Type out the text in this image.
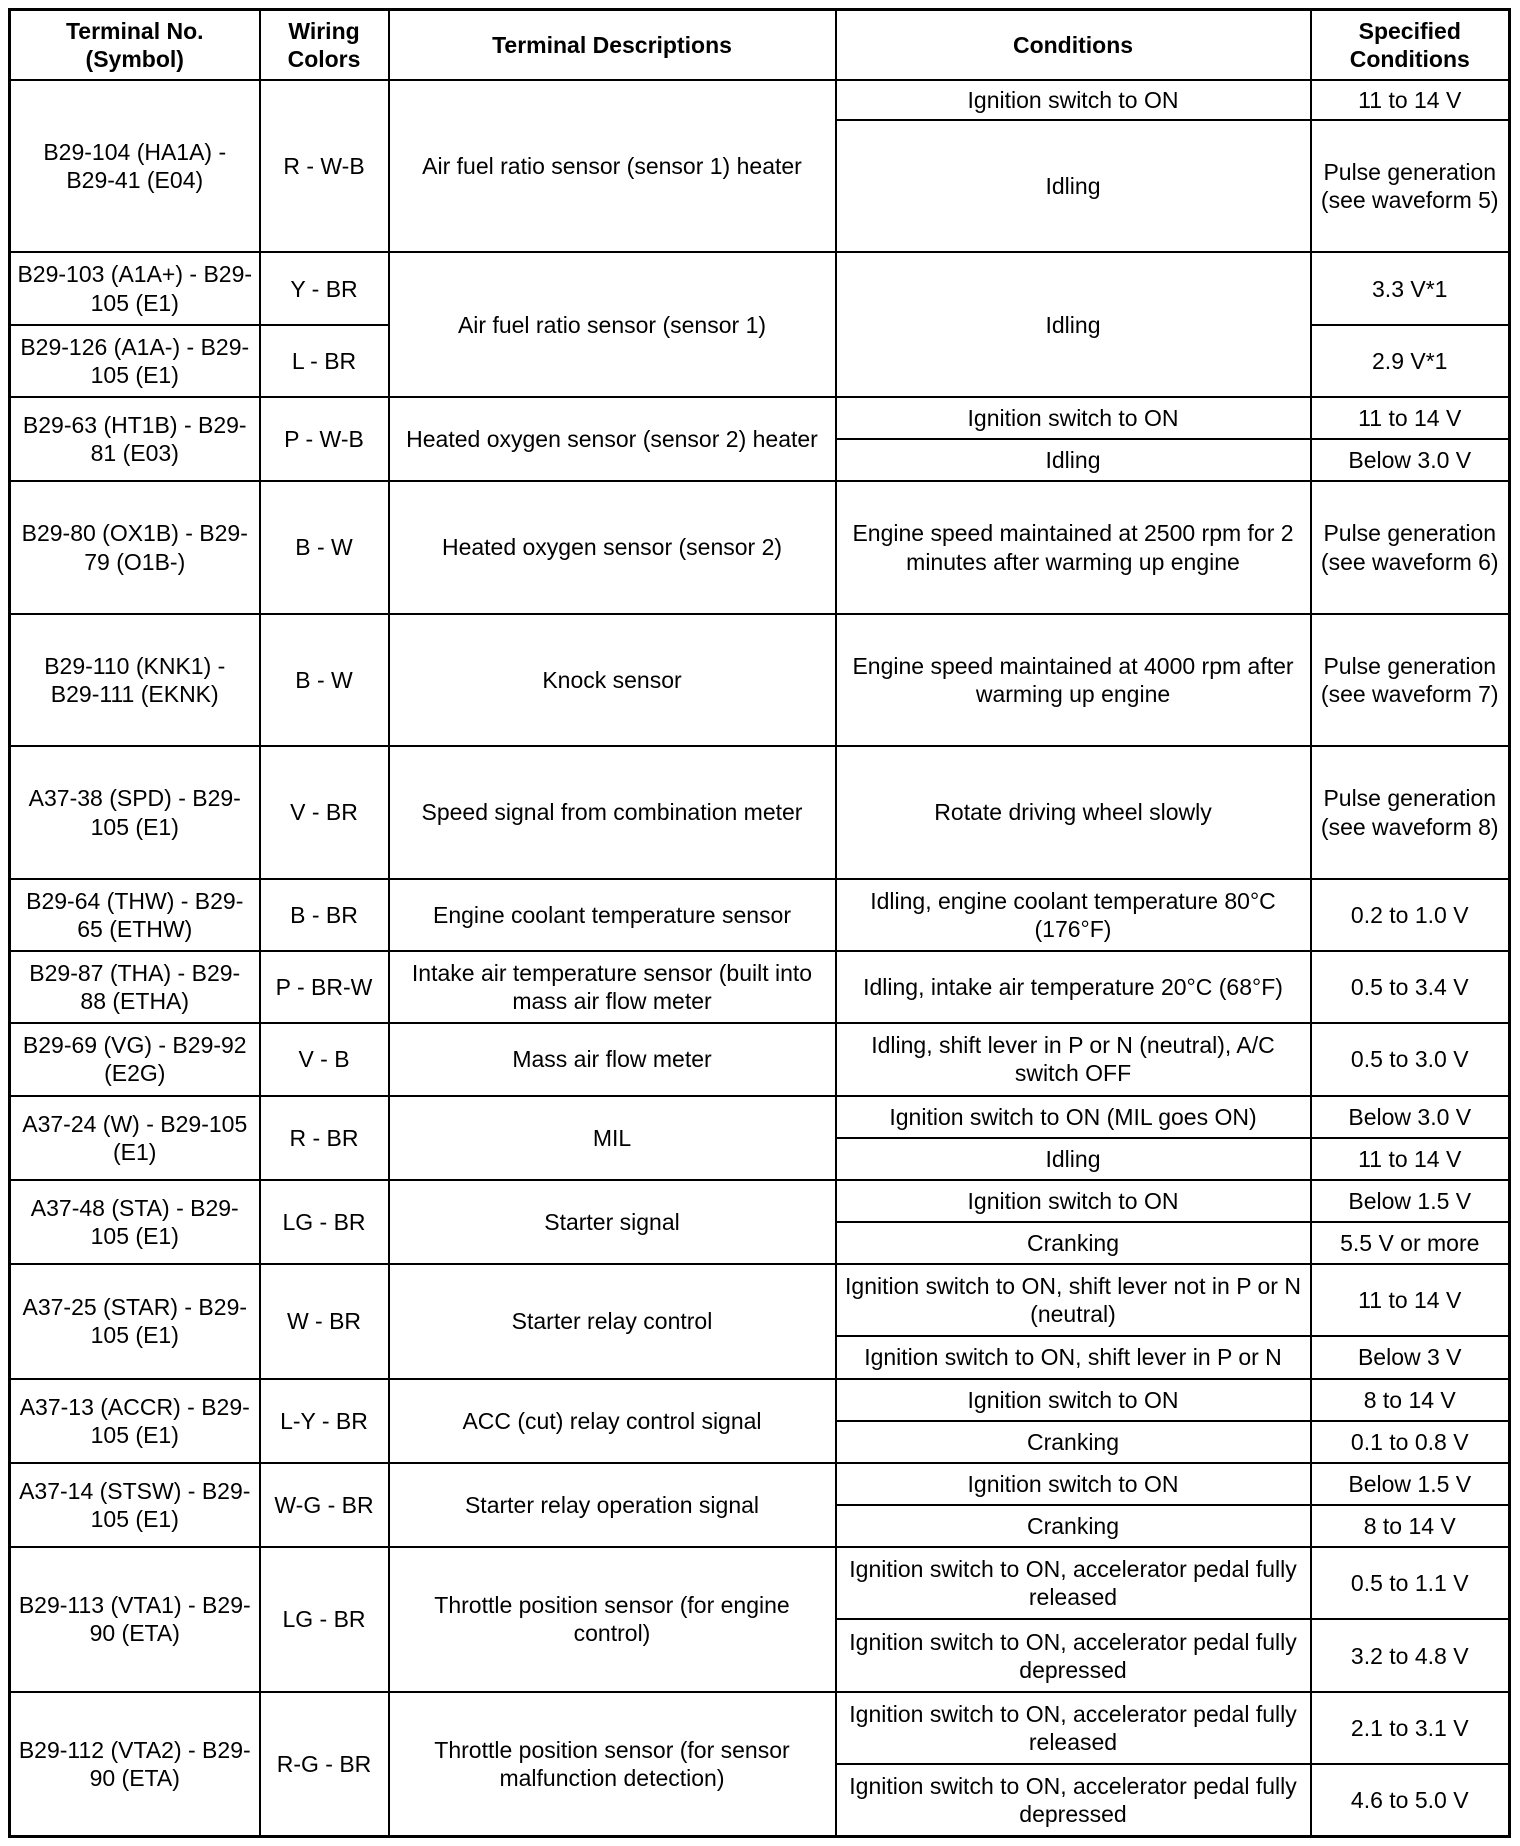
Terminal No. (Symbol)	Wiring Colors	Terminal Descriptions	Conditions	Specified Conditions
B29-104 (HA1A) - B29-41 (E04)	R - W-B	Air fuel ratio sensor (sensor 1) heater	Ignition switch to ON	11 to 14 V
			Idling	Pulse generation (see waveform 5)
B29-103 (A1A+) - B29-105 (E1)	Y - BR	Air fuel ratio sensor (sensor 1)	Idling	3.3 V*1
B29-126 (A1A-) - B29-105 (E1)	L - BR			2.9 V*1
B29-63 (HT1B) - B29-81 (E03)	P - W-B	Heated oxygen sensor (sensor 2) heater	Ignition switch to ON	11 to 14 V
			Idling	Below 3.0 V
B29-80 (OX1B) - B29-79 (O1B-)	B - W	Heated oxygen sensor (sensor 2)	Engine speed maintained at 2500 rpm for 2 minutes after warming up engine	Pulse generation (see waveform 6)
B29-110 (KNK1) - B29-111 (EKNK)	B - W	Knock sensor	Engine speed maintained at 4000 rpm after warming up engine	Pulse generation (see waveform 7)
A37-38 (SPD) - B29-105 (E1)	V - BR	Speed signal from combination meter	Rotate driving wheel slowly	Pulse generation (see waveform 8)
B29-64 (THW) - B29-65 (ETHW)	B - BR	Engine coolant temperature sensor	Idling, engine coolant temperature 80°C (176°F)	0.2 to 1.0 V
B29-87 (THA) - B29-88 (ETHA)	P - BR-W	Intake air temperature sensor (built into mass air flow meter	Idling, intake air temperature 20°C (68°F)	0.5 to 3.4 V
B29-69 (VG) - B29-92 (E2G)	V - B	Mass air flow meter	Idling, shift lever in P or N (neutral), A/C switch OFF	0.5 to 3.0 V
A37-24 (W) - B29-105 (E1)	R - BR	MIL	Ignition switch to ON (MIL goes ON)	Below 3.0 V
			Idling	11 to 14 V
A37-48 (STA) - B29-105 (E1)	LG - BR	Starter signal	Ignition switch to ON	Below 1.5 V
			Cranking	5.5 V or more
A37-25 (STAR) - B29-105 (E1)	W - BR	Starter relay control	Ignition switch to ON, shift lever not in P or N (neutral)	11 to 14 V
			Ignition switch to ON, shift lever in P or N	Below 3 V
A37-13 (ACCR) - B29-105 (E1)	L-Y - BR	ACC (cut) relay control signal	Ignition switch to ON	8 to 14 V
			Cranking	0.1 to 0.8 V
A37-14 (STSW) - B29-105 (E1)	W-G - BR	Starter relay operation signal	Ignition switch to ON	Below 1.5 V
			Cranking	8 to 14 V
B29-113 (VTA1) - B29-90 (ETA)	LG - BR	Throttle position sensor (for engine control)	Ignition switch to ON, accelerator pedal fully released	0.5 to 1.1 V
			Ignition switch to ON, accelerator pedal fully depressed	3.2 to 4.8 V
B29-112 (VTA2) - B29-90 (ETA)	R-G - BR	Throttle position sensor (for sensor malfunction detection)	Ignition switch to ON, accelerator pedal fully released	2.1 to 3.1 V
			Ignition switch to ON, accelerator pedal fully depressed	4.6 to 5.0 V
